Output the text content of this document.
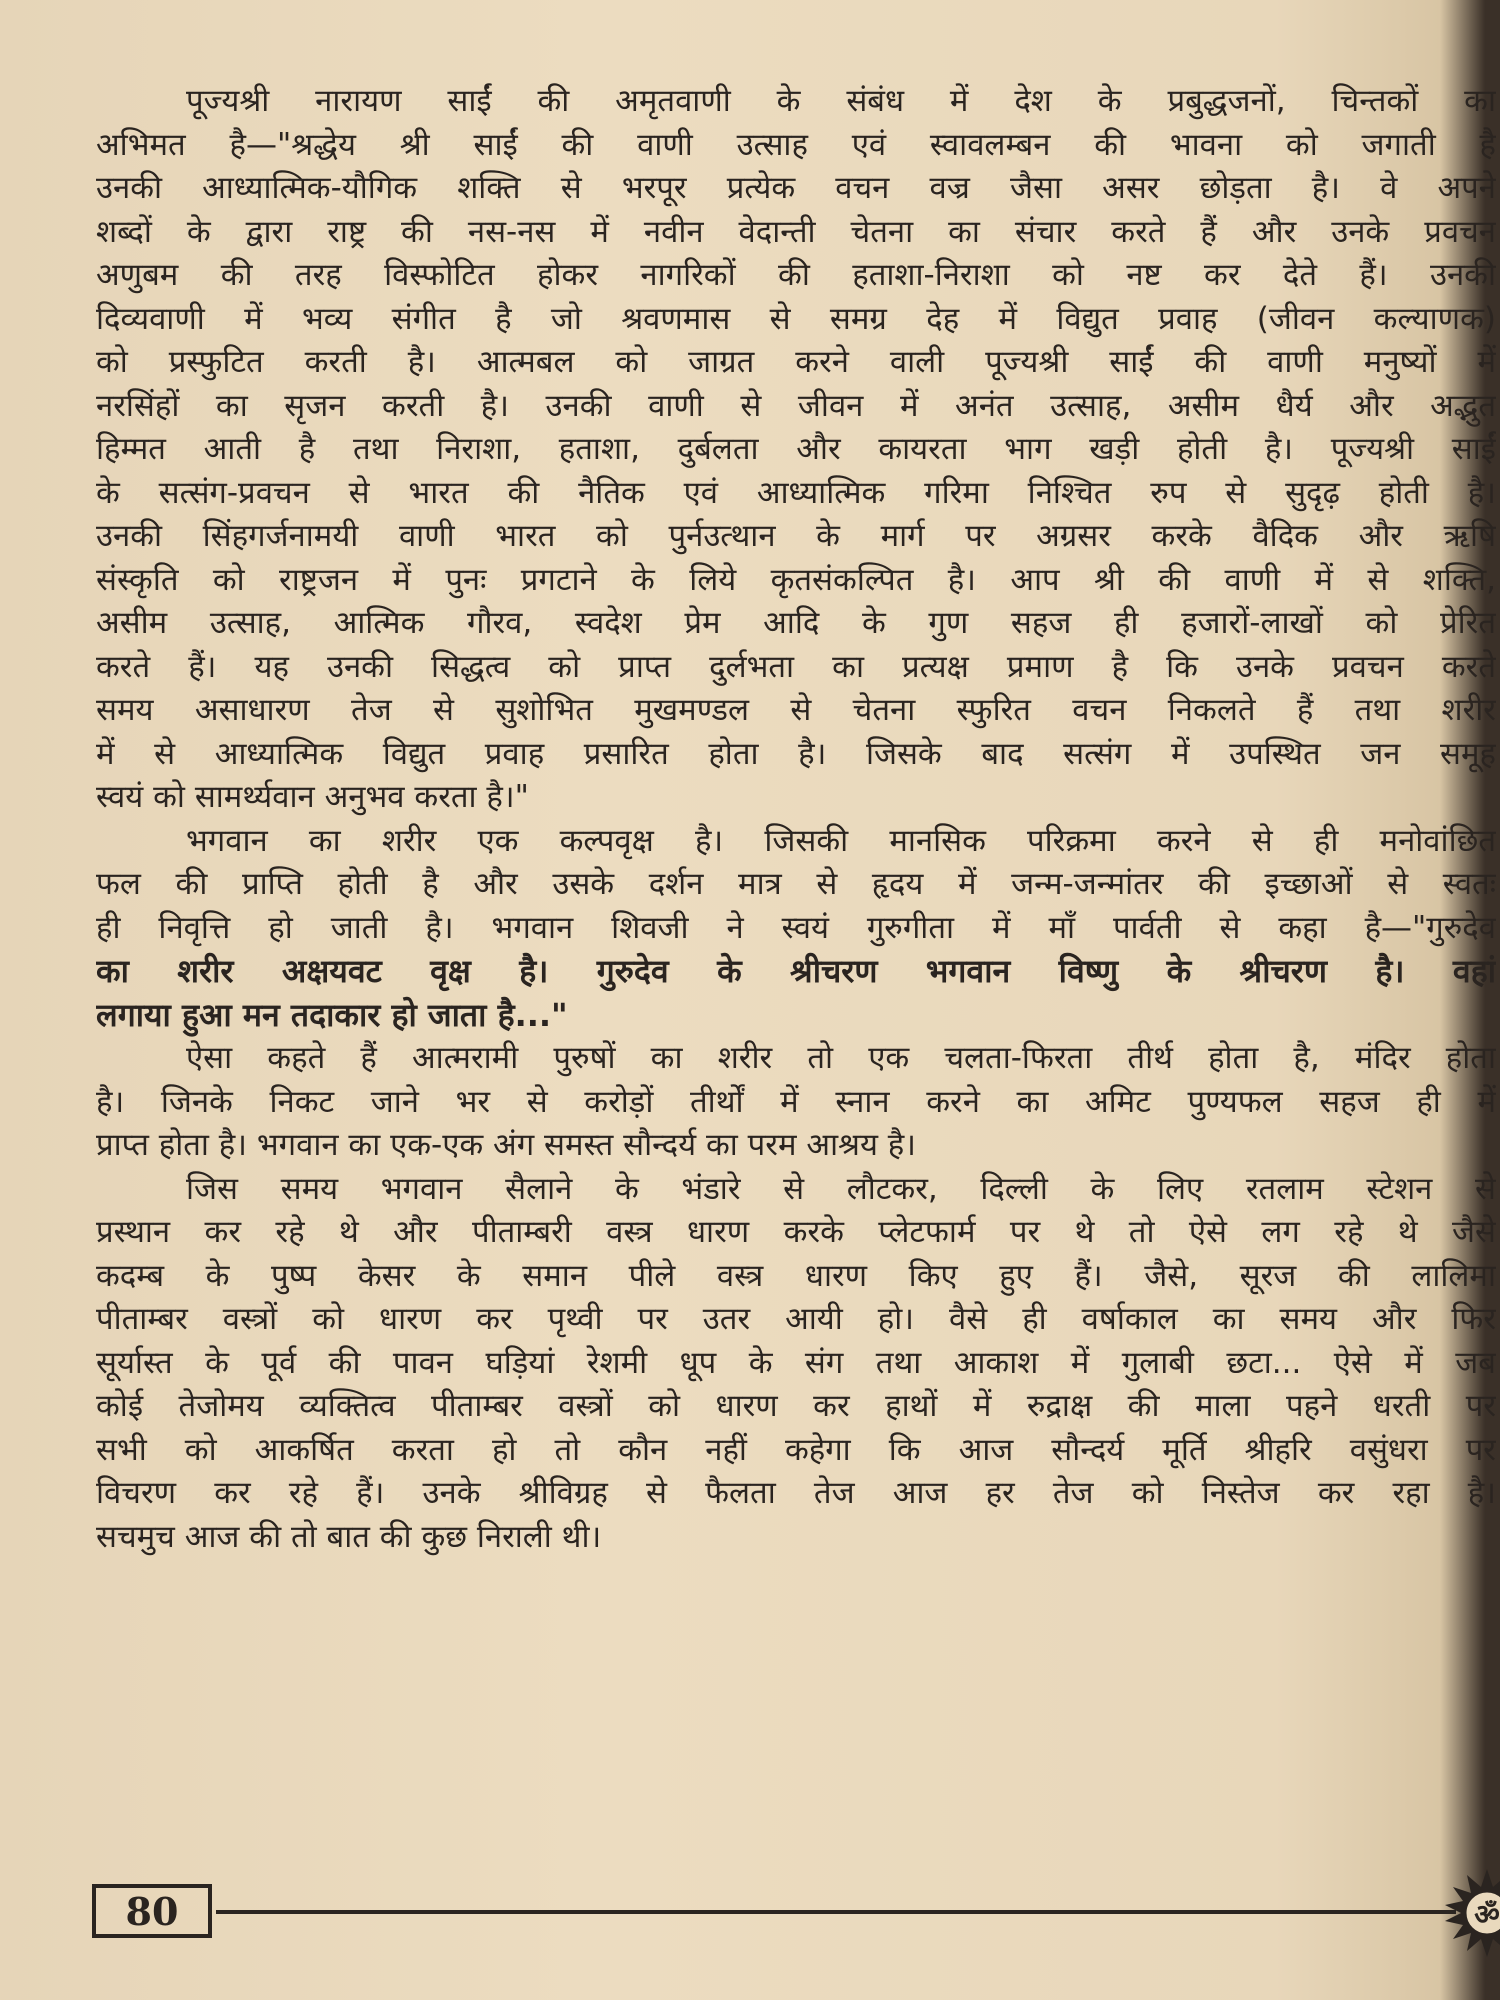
पूज्यश्री नारायण साईं की अमृतवाणी के संबंध में देश के प्रबुद्धजनों, चिन्तकों का
अभिमत है—"श्रद्धेय श्री साईं की वाणी उत्साह एवं स्वावलम्बन की भावना को जगाती है
उनकी आध्यात्मिक-यौगिक शक्ति से भरपूर प्रत्येक वचन वज्र जैसा असर छोड़ता है। वे अपने
शब्दों के द्वारा राष्ट्र की नस-नस में नवीन वेदान्ती चेतना का संचार करते हैं और उनके प्रवचन
अणुबम की तरह विस्फोटित होकर नागरिकों की हताशा-निराशा को नष्ट कर देते हैं। उनकी
दिव्यवाणी में भव्य संगीत है जो श्रवणमास से समग्र देह में विद्युत प्रवाह (जीवन कल्याणक)
को प्रस्फुटित करती है। आत्मबल को जाग्रत करने वाली पूज्यश्री साईं की वाणी मनुष्यों में
नरसिंहों का सृजन करती है। उनकी वाणी से जीवन में अनंत उत्साह, असीम धैर्य और अद्भुत
हिम्मत आती है तथा निराशा, हताशा, दुर्बलता और कायरता भाग खड़ी होती है। पूज्यश्री साईं
के सत्संग-प्रवचन से भारत की नैतिक एवं आध्यात्मिक गरिमा निश्चित रुप से सुदृढ़ होती है।
उनकी सिंहगर्जनामयी वाणी भारत को पुर्नउत्थान के मार्ग पर अग्रसर करके वैदिक और ऋषि
संस्कृति को राष्ट्रजन में पुनः प्रगटाने के लिये कृतसंकल्पित है। आप श्री की वाणी में से शक्ति,
असीम उत्साह, आत्मिक गौरव, स्वदेश प्रेम आदि के गुण सहज ही हजारों-लाखों को प्रेरित
करते हैं। यह उनकी सिद्धत्व को प्राप्त दुर्लभता का प्रत्यक्ष प्रमाण है कि उनके प्रवचन करते
समय असाधारण तेज से सुशोभित मुखमण्डल से चेतना स्फुरित वचन निकलते हैं तथा शरीर
में से आध्यात्मिक विद्युत प्रवाह प्रसारित होता है। जिसके बाद सत्संग में उपस्थित जन समूह
स्वयं को सामर्थ्यवान अनुभव करता है।"
भगवान का शरीर एक कल्पवृक्ष है। जिसकी मानसिक परिक्रमा करने से ही मनोवांछित
फल की प्राप्ति होती है और उसके दर्शन मात्र से हृदय में जन्म-जन्मांतर की इच्छाओं से स्वतः
ही निवृत्ति हो जाती है। भगवान शिवजी ने स्वयं गुरुगीता में माँ पार्वती से कहा है—"गुरुदेव
का शरीर अक्षयवट वृक्ष है। गुरुदेव के श्रीचरण भगवान विष्णु के श्रीचरण है। वहां
लगाया हुआ मन तदाकार हो जाता है..."
ऐसा कहते हैं आत्मरामी पुरुषों का शरीर तो एक चलता-फिरता तीर्थ होता है, मंदिर होता
है। जिनके निकट जाने भर से करोड़ों तीर्थों में स्नान करने का अमिट पुण्यफल सहज ही में
प्राप्त होता है। भगवान का एक-एक अंग समस्त सौन्दर्य का परम आश्रय है।
जिस समय भगवान सैलाने के भंडारे से लौटकर, दिल्ली के लिए रतलाम स्टेशन से
प्रस्थान कर रहे थे और पीताम्बरी वस्त्र धारण करके प्लेटफार्म पर थे तो ऐसे लग रहे थे जैसे
कदम्ब के पुष्प केसर के समान पीले वस्त्र धारण किए हुए हैं। जैसे, सूरज की लालिमा
पीताम्बर वस्त्रों को धारण कर पृथ्वी पर उतर आयी हो। वैसे ही वर्षाकाल का समय और फिर
सूर्यास्त के पूर्व की पावन घड़ियां रेशमी धूप के संग तथा आकाश में गुलाबी छटा... ऐसे में जब
कोई तेजोमय व्यक्तित्व पीताम्बर वस्त्रों को धारण कर हाथों में रुद्राक्ष की माला पहने धरती पर
सभी को आकर्षित करता हो तो कौन नहीं कहेगा कि आज सौन्दर्य मूर्ति श्रीहरि वसुंधरा पर
विचरण कर रहे हैं। उनके श्रीविग्रह से फैलता तेज आज हर तेज को निस्तेज कर रहा है।
सचमुच आज की तो बात की कुछ निराली थी।
80	ॐ
